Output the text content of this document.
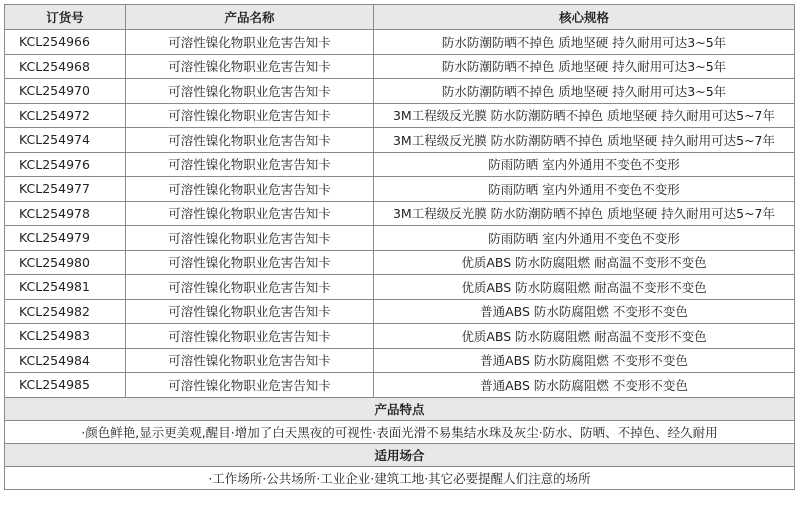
订货号	产品名称	核心规格
KCL254966	可溶性镍化物职业危害告知卡	防水防潮防晒不掉色 质地坚硬 持久耐用可达3~5年
KCL254968	可溶性镍化物职业危害告知卡	防水防潮防晒不掉色 质地坚硬 持久耐用可达3~5年
KCL254970	可溶性镍化物职业危害告知卡	防水防潮防晒不掉色 质地坚硬 持久耐用可达3~5年
KCL254972	可溶性镍化物职业危害告知卡	3M工程级反光膜 防水防潮防晒不掉色 质地坚硬 持久耐用可达5~7年
KCL254974	可溶性镍化物职业危害告知卡	3M工程级反光膜 防水防潮防晒不掉色 质地坚硬 持久耐用可达5~7年
KCL254976	可溶性镍化物职业危害告知卡	防雨防晒 室内外通用不变色不变形
KCL254977	可溶性镍化物职业危害告知卡	防雨防晒 室内外通用不变色不变形
KCL254978	可溶性镍化物职业危害告知卡	3M工程级反光膜 防水防潮防晒不掉色 质地坚硬 持久耐用可达5~7年
KCL254979	可溶性镍化物职业危害告知卡	防雨防晒 室内外通用不变色不变形
KCL254980	可溶性镍化物职业危害告知卡	优质ABS 防水防腐阻燃 耐高温不变形不变色
KCL254981	可溶性镍化物职业危害告知卡	优质ABS 防水防腐阻燃 耐高温不变形不变色
KCL254982	可溶性镍化物职业危害告知卡	普通ABS 防水防腐阻燃 不变形不变色
KCL254983	可溶性镍化物职业危害告知卡	优质ABS 防水防腐阻燃 耐高温不变形不变色
KCL254984	可溶性镍化物职业危害告知卡	普通ABS 防水防腐阻燃 不变形不变色
KCL254985	可溶性镍化物职业危害告知卡	普通ABS 防水防腐阻燃 不变形不变色
产品特点		
·颜色鲜艳,显示更美观,醒目·增加了白天黑夜的可视性·表面光滑不易集结水珠及灰尘·防水、防晒、不掉色、经久耐用		
适用场合		
·工作场所·公共场所·工业企业·建筑工地·其它必要提醒人们注意的场所		
